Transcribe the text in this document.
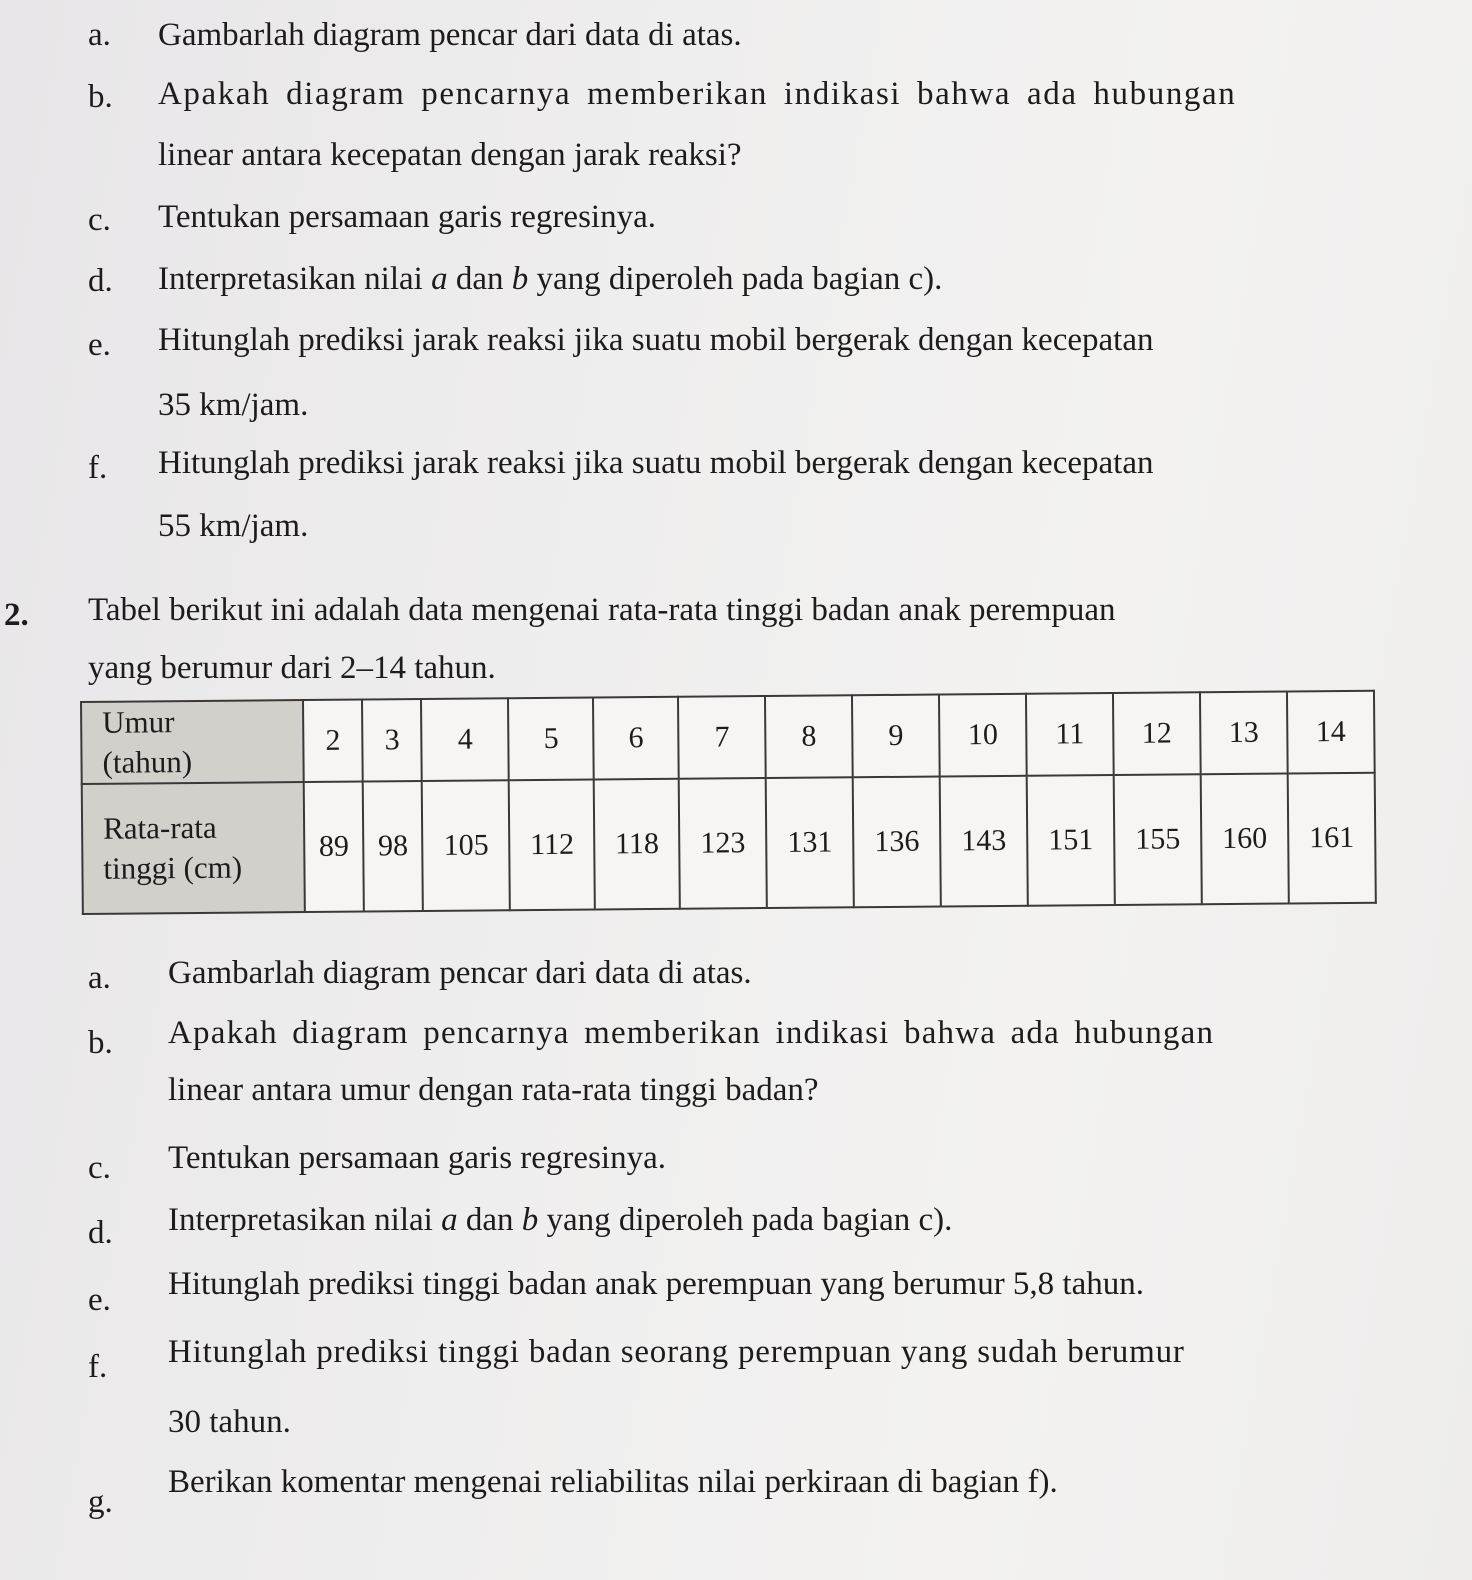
a. Gambarlah diagram pencar dari data di atas.
b. Apakah diagram pencarnya memberikan indikasi bahwa ada hubungan
linear antara kecepatan dengan jarak reaksi?
c. Tentukan persamaan garis regresinya.
d. Interpretasikan nilai a dan b yang diperoleh pada bagian c).
e. Hitunglah prediksi jarak reaksi jika suatu mobil bergerak dengan kecepatan
35 km/jam.
f. Hitunglah prediksi jarak reaksi jika suatu mobil bergerak dengan kecepatan
55 km/jam.
2. Tabel berikut ini adalah data mengenai rata-rata tinggi badan anak perempuan
yang berumur dari 2–14 tahun.
Umur
(tahun)	2	3	4	5	6	7	8	9	10	11	12	13	14
Rata-rata
tinggi (cm)	89	98	105	112	118	123	131	136	143	151	155	160	161
a. Gambarlah diagram pencar dari data di atas.
b. Apakah diagram pencarnya memberikan indikasi bahwa ada hubungan
linear antara umur dengan rata-rata tinggi badan?
c. Tentukan persamaan garis regresinya.
d. Interpretasikan nilai a dan b yang diperoleh pada bagian c).
e. Hitunglah prediksi tinggi badan anak perempuan yang berumur 5,8 tahun.
f. Hitunglah prediksi tinggi badan seorang perempuan yang sudah berumur
30 tahun.
g.
Berikan komentar mengenai reliabilitas nilai perkiraan di bagian f).
